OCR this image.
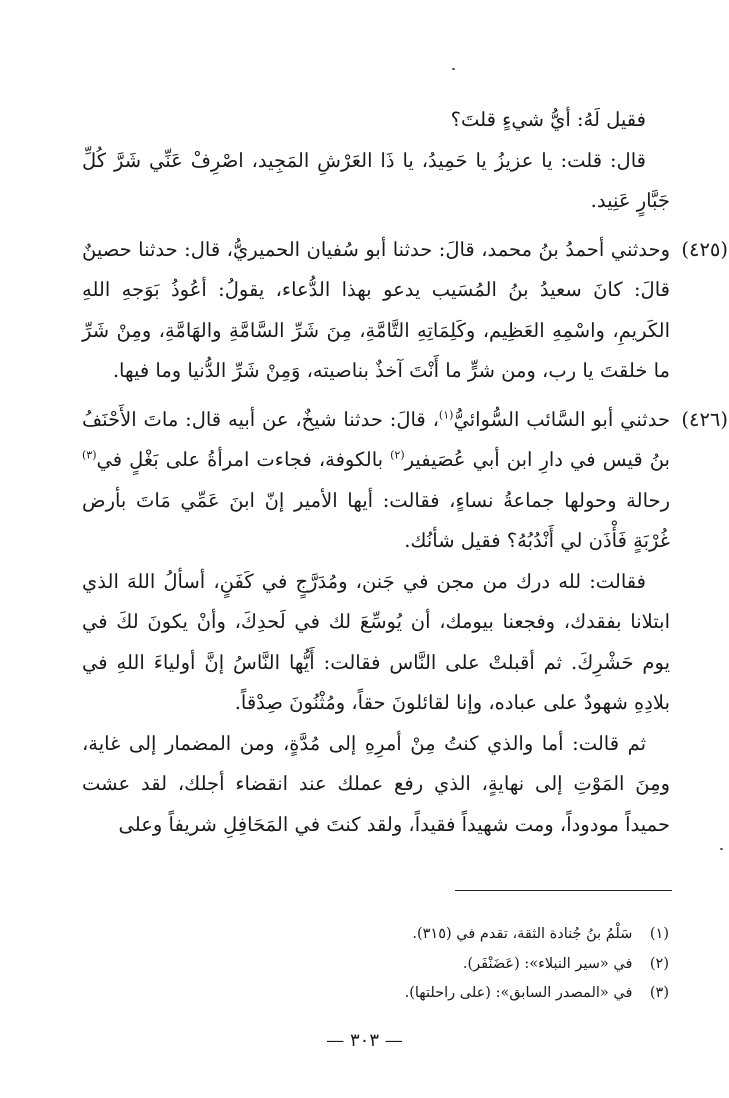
فقيل لَهُ: أيُّ شيءٍ قلتَ؟

قال: قلت: يا عزيزُ يا حَمِيدُ، يا ذَا العَرْشِ المَجِيد، اصْرِفْ عَنِّي شَرَّ كُلِّ جَبَّارٍ عَنِيد.

(٤٢٥)
وحدثني أحمدُ بنُ محمد، قالَ: حدثنا أبو سُفيان الحميريُّ، قال: حدثنا حصينٌ قالَ: كانَ سعيدُ بنُ المُسَيب يدعو بهذا الدُّعاء، يقولُ: أعُوذُ بَوَجهِ اللهِ الكَريمِ، واسْمِهِ العَظِيم، وكَلِمَاتِهِ التَّامَّةِ، مِنَ شَرِّ السَّامَّةِ والهَامَّةِ، ومِنْ شَرِّ ما خلقتَ يا رب، ومن شرٍّ ما أَنْتَ آخذٌ بناصيته، وَمِنْ شَرِّ الدُّنيا وما فيها.

(٤٢٦)
حدثني أبو السَّائب السُّوائيُّ$^{(١)}$، قالَ: حدثنا شيخٌ، عن أبيه قال: ماتَ الأَحْنَفُ بنُ قيس في دارِ ابن أبي عُصَيفير$^{(٢)}$ بالكوفة، فجاءت امرأةُ على بَغْلٍ في$^{(٣)}$ رحالة وحولها جماعةُ نساءٍ، فقالت: أيها الأمير إنّ ابنَ عَمِّي مَاتَ بأرض غُرْبَةٍ فَأْذَن لي أَنْدُبُهُ؟ فقيل شأنُك.

فقالت: لله درك من مجن في جَنن، ومُدَرَّجٍ في كَفَنٍ، أسألُ اللهَ الذي ابتلانا بفقدك، وفجعنا بيومك، أن يُوسِّعَ لك في لَحدِكَ، وأنْ يكونَ لكَ في يوم حَشْرِكَ. ثم أقبلتْ على النَّاس فقالت: أَيُّها النَّاسُ إنَّ أولياءَ اللهِ في بلادِهِ شهودٌ على عباده، وإنا لقائلونَ حقاً، ومُثْنُونَ صِدْقاً.

ثم قالت: أما والذي كنتُ مِنْ أمرِهِ إلى مُدَّةٍ، ومن المضمار إلى غاية، ومِنَ المَوْتِ إلى نهايةٍ، الذي رفع عملك عند انقضاء أجلك، لقد عشت حميداً مودوداً، ومت شهيداً فقيداً، ولقد كنتَ في المَحَافِلِ شريفاً وعلى

(١) سَلْمُ بنُ جُنادة الثقة، تقدم في (٣١٥).
(٢) في «سير النبلاء»: (عَضَنْفَر).
(٣) في «المصدر السابق»: (على راحلتها).
— ٣٠٣ —
